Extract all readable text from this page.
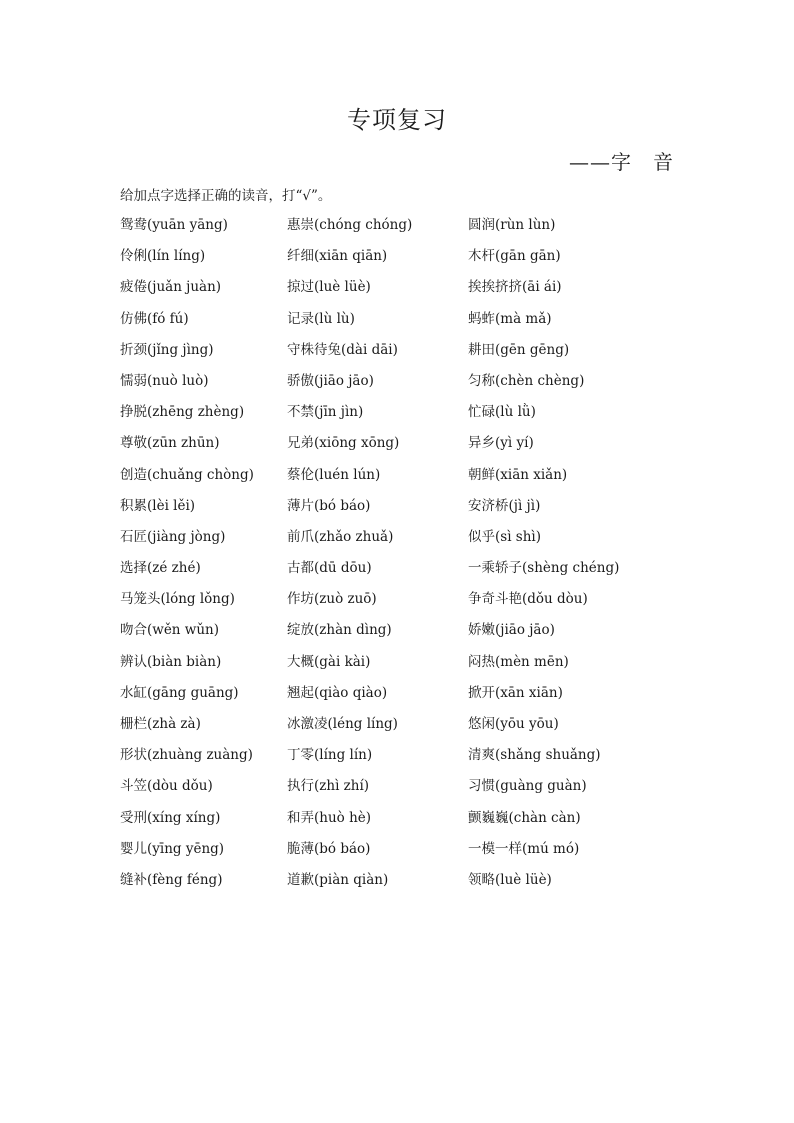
专项复习
——字　音
给加点字选择正确的读音，打“√”。
鸳鸯(yuān yāng)	惠崇(chóng chóng)	圆润(rùn lùn)
伶俐(lín líng)	纤细(xiān qiān)	木杆(gān gān)
疲倦(juǎn juàn)	掠过(luè lüè)	挨挨挤挤(āi ái)
仿佛(fó fú)	记录(lù lù)	蚂蚱(mà mǎ)
折颈(jǐng jìng)	守株待兔(dài dāi)	耕田(gēn gēng)
懦弱(nuò luò)	骄傲(jiāo jāo)	匀称(chèn chèng)
挣脱(zhēng zhèng)	不禁(jīn jìn)	忙碌(lù lǜ)
尊敬(zūn zhūn)	兄弟(xiōng xōng)	异乡(yì yí)
创造(chuǎng chòng) 蔡伦(luén lún)	朝鲜(xiān xiǎn)
积累(lèi lěi)	薄片(bó báo)	安济桥(jì jì)
石匠(jiàng jòng)	前爪(zhǎo zhuǎ)	似乎(sì shì)
选择(zé zhé)	古都(dū dōu)	一乘轿子(shèng chéng)
马笼头(lóng lǒng)	作坊(zuò zuō)	争奇斗艳(dǒu dòu)
吻合(wěn wǔn)	绽放(zhàn dìng)	娇嫩(jiāo jāo)
辨认(biàn biàn)	大概(gài kài)	闷热(mèn mēn)
水缸(gāng guāng)	翘起(qiào qiào)	掀开(xān xiān)
栅栏(zhà zà)	冰激凌(léng líng)	悠闲(yōu yōu)
形状(zhuàng zuàng)	丁零(líng lín)	清爽(shǎng shuǎng)
斗笠(dòu dǒu)	执行(zhì zhí)	习惯(guàng guàn)
受刑(xíng xíng)	和弄(huò hè)	颤巍巍(chàn càn)
婴儿(yīng yēng)	脆薄(bó báo)	一模一样(mú mó)
缝补(fèng féng)	道歉(piàn qiàn)	领略(luè lüè)
